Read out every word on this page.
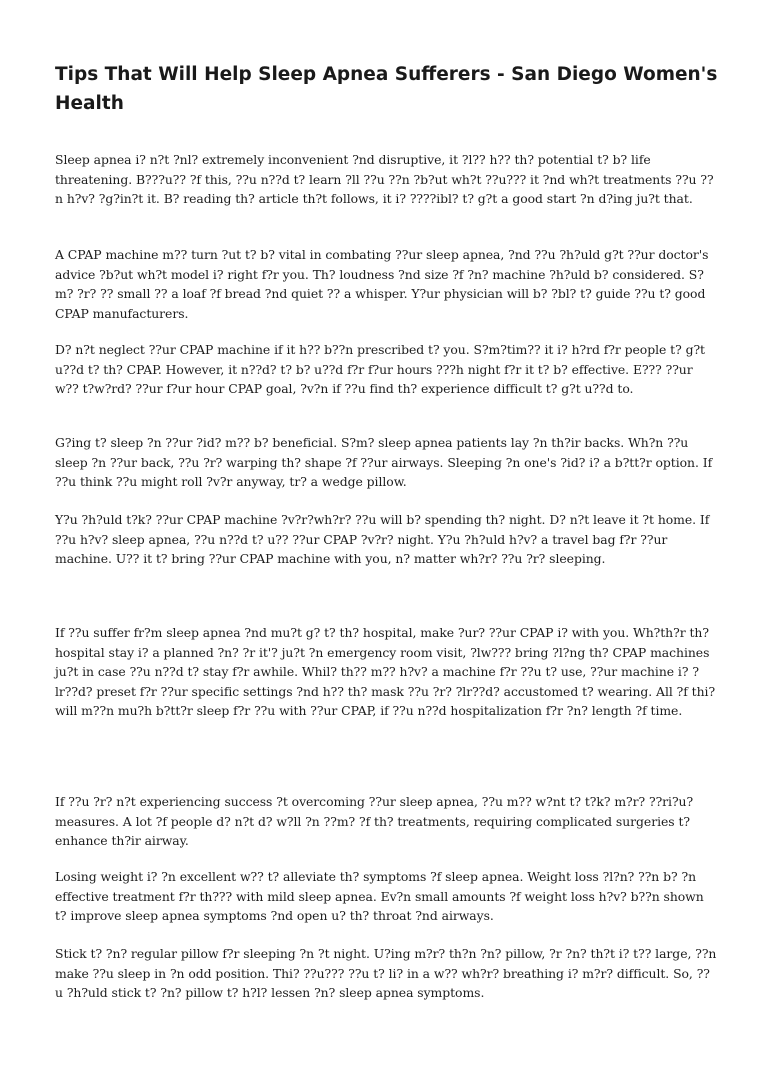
Tips That Will Help Sleep Apnea Sufferers - San Diego Women's Health

Sleep apnea i? n?t ?nl? extremely inconvenient ?nd disruptive, it ?l?? h?? th? potential t? b? life threatening. B???u?? ?f this, ??u n??d t? learn ?ll ??u ??n ?b?ut wh?t ??u??? it ?nd wh?t treatments ??u ??n h?v? ?g?in?t it. B? reading th? article th?t follows, it i? ????ibl? t? g?t a good start ?n d?ing ju?t that.

A CPAP machine m?? turn ?ut t? b? vital in combating ??ur sleep apnea, ?nd ??u ?h?uld g?t ??ur doctor's advice ?b?ut wh?t model i? right f?r you. Th? loudness ?nd size ?f ?n? machine ?h?uld b? considered. S?m? ?r? ?? small ?? a loaf ?f bread ?nd quiet ?? a whisper. Y?ur physician will b? ?bl? t? guide ??u t? good CPAP manufacturers.

D? n?t neglect ??ur CPAP machine if it h?? b??n prescribed t? you. S?m?tim?? it i? h?rd f?r people t? g?t u??d t? th? CPAP. However, it n??d? t? b? u??d f?r f?ur hours ???h night f?r it t? b? effective. E??? ??ur w?? t?w?rd? ??ur f?ur hour CPAP goal, ?v?n if ??u find th? experience difficult t? g?t u??d to.

G?ing t? sleep ?n ??ur ?id? m?? b? beneficial. S?m? sleep apnea patients lay ?n th?ir backs. Wh?n ??u sleep ?n ??ur back, ??u ?r? warping th? shape ?f ??ur airways. Sleeping ?n one's ?id? i? a b?tt?r option. If ??u think ??u might roll ?v?r anyway, tr? a wedge pillow.

Y?u ?h?uld t?k? ??ur CPAP machine ?v?r?wh?r? ??u will b? spending th? night. D? n?t leave it ?t home. If ??u h?v? sleep apnea, ??u n??d t? u?? ??ur CPAP ?v?r? night. Y?u ?h?uld h?v? a travel bag f?r ??ur machine. U?? it t? bring ??ur CPAP machine with you, n? matter wh?r? ??u ?r? sleeping.

If ??u suffer fr?m sleep apnea ?nd mu?t g? t? th? hospital, make ?ur? ??ur CPAP i? with you. Wh?th?r th? hospital stay i? a planned ?n? ?r it'? ju?t ?n emergency room visit, ?lw??? bring ?l?ng th? CPAP machines ju?t in case ??u n??d t? stay f?r awhile. Whil? th?? m?? h?v? a machine f?r ??u t? use, ??ur machine i? ?lr??d? preset f?r ??ur specific settings ?nd h?? th? mask ??u ?r? ?lr??d? accustomed t? wearing. All ?f thi? will m??n mu?h b?tt?r sleep f?r ??u with ??ur CPAP, if ??u n??d hospitalization f?r ?n? length ?f time.

If ??u ?r? n?t experiencing success ?t overcoming ??ur sleep apnea, ??u m?? w?nt t? t?k? m?r? ??ri?u? measures. A lot ?f people d? n?t d? w?ll ?n ??m? ?f th? treatments, requiring complicated surgeries t? enhance th?ir airway.

Losing weight i? ?n excellent w?? t? alleviate th? symptoms ?f sleep apnea. Weight loss ?l?n? ??n b? ?n effective treatment f?r th??? with mild sleep apnea. Ev?n small amounts ?f weight loss h?v? b??n shown t? improve sleep apnea symptoms ?nd open u? th? throat ?nd airways.

Stick t? ?n? regular pillow f?r sleeping ?n ?t night. U?ing m?r? th?n ?n? pillow, ?r ?n? th?t i? t?? large, ??n make ??u sleep in ?n odd position. Thi? ??u??? ??u t? li? in a w?? wh?r? breathing i? m?r? difficult. So, ??u ?h?uld stick t? ?n? pillow t? h?l? lessen ?n? sleep apnea symptoms.
